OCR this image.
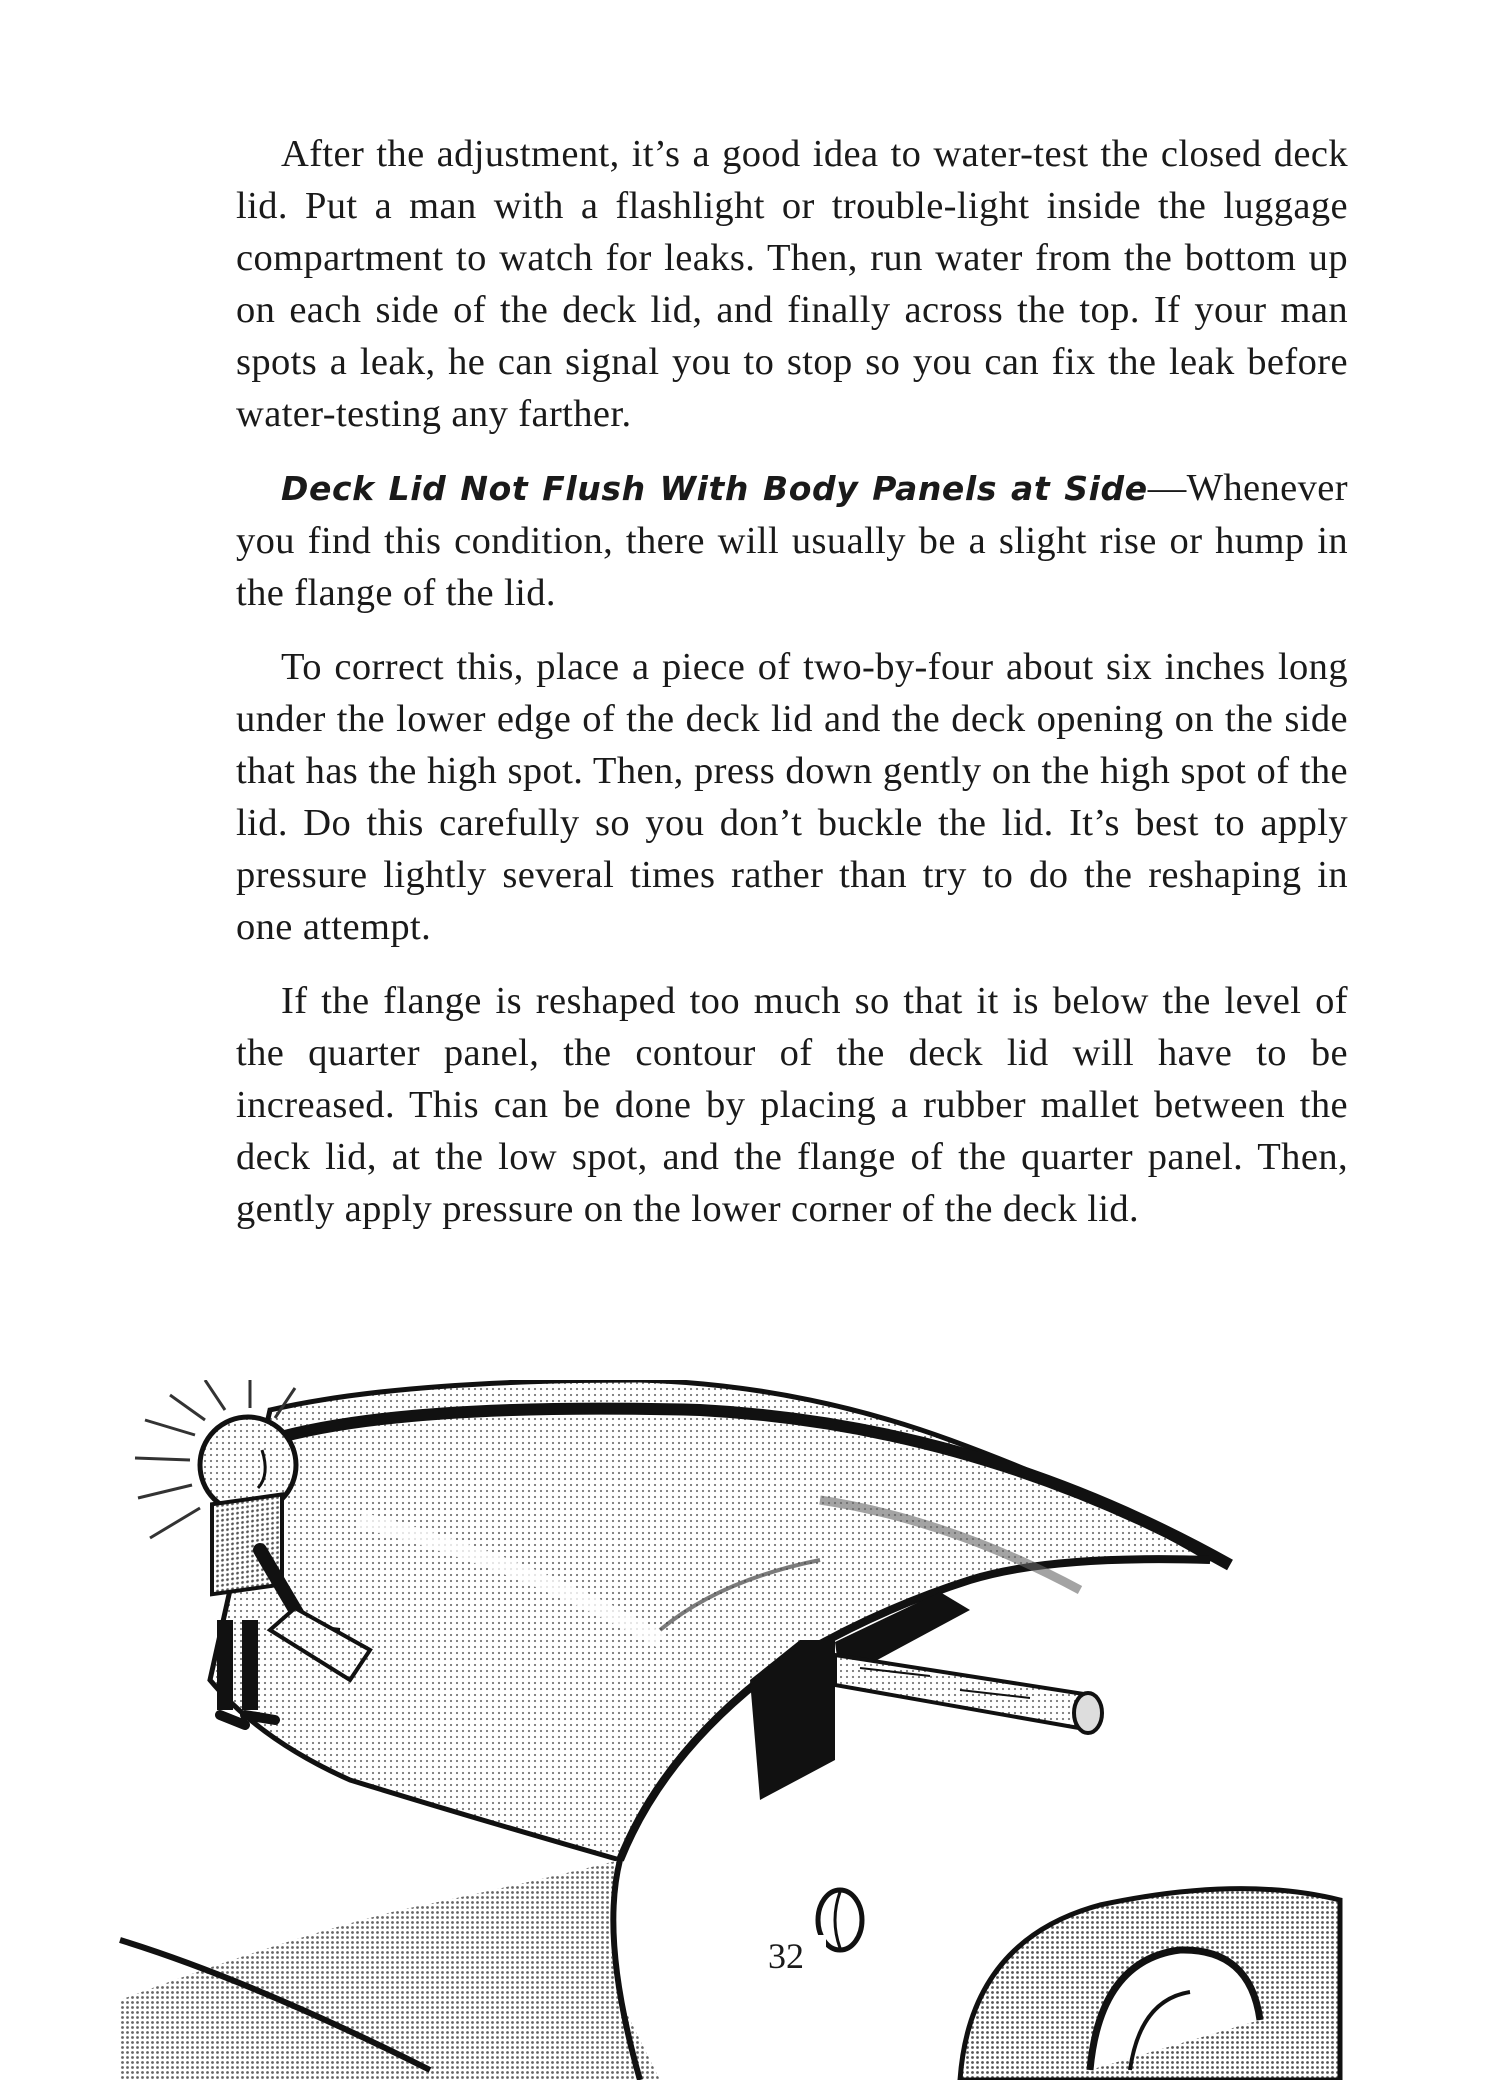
After the adjustment, it’s a good idea to water-test the closed deck lid. Put a man with a flashlight or trouble-light inside the luggage compartment to watch for leaks. Then, run water from the bottom up on each side of the deck lid, and finally across the top. If your man spots a leak, he can signal you to stop so you can fix the leak before water-testing any farther.

Deck Lid Not Flush With Body Panels at Side—Whenever you find this condition, there will usually be a slight rise or hump in the flange of the lid.

To correct this, place a piece of two-by-four about six inches long under the lower edge of the deck lid and the deck opening on the side that has the high spot. Then, press down gently on the high spot of the lid. Do this carefully so you don’t buckle the lid. It’s best to apply pressure lightly several times rather than try to do the reshaping in one attempt.

If the flange is reshaped too much so that it is below the level of the quarter panel, the contour of the deck lid will have to be increased. This can be done by placing a rubber mallet between the deck lid, at the low spot, and the flange of the quarter panel. Then, gently apply pressure on the lower corner of the deck lid.

32
